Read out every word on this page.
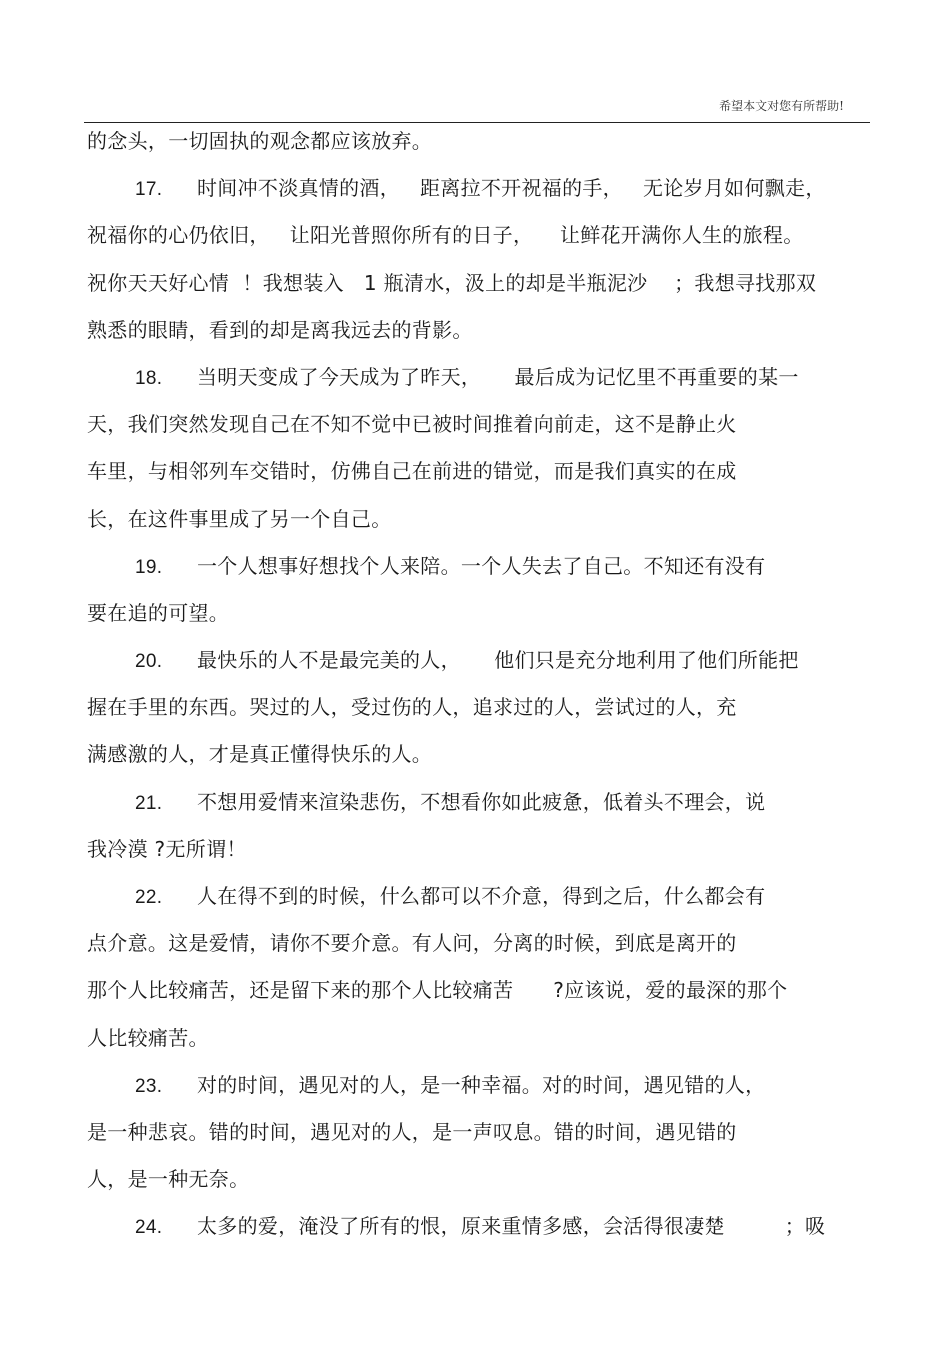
希望本文对您有所帮助!
的念头，一切固执的观念都应该放弃。
17. 时间冲不淡真情的酒，   距离拉不开祝福的手，   无论岁月如何飘走，
祝福你的心仍依旧，   让阳光普照你所有的日子，    让鲜花开满你人生的旅程。
祝你天天好心情  ！我想装入   1 瓶清水，汲上的却是半瓶泥沙    ；我想寻找那双
熟悉的眼睛，看到的却是离我远去的背影。
18. 当明天变成了今天成为了昨天，     最后成为记忆里不再重要的某一
天，我们突然发现自己在不知不觉中已被时间推着向前走，这不是静止火
车里，与相邻列车交错时，仿佛自己在前进的错觉，而是我们真实的在成
长，在这件事里成了另一个自己。
19. 一个人想事好想找个人来陪。一个人失去了自己。不知还有没有
要在追的可望。
20. 最快乐的人不是最完美的人，     他们只是充分地利用了他们所能把
握在手里的东西。哭过的人，受过伤的人，追求过的人，尝试过的人，充
满感激的人，才是真正懂得快乐的人。
21. 不想用爱情来渲染悲伤，不想看你如此疲惫，低着头不理会，说
我冷漠 ?无所谓！
22. 人在得不到的时候，什么都可以不介意，得到之后，什么都会有
点介意。这是爱情，请你不要介意。有人问，分离的时候，到底是离开的
那个人比较痛苦，还是留下来的那个人比较痛苦      ?应该说，爱的最深的那个
人比较痛苦。
23. 对的时间，遇见对的人，是一种幸福。对的时间，遇见错的人，
是一种悲哀。错的时间，遇见对的人，是一声叹息。错的时间，遇见错的
人，是一种无奈。
24. 太多的爱，淹没了所有的恨，原来重情多感，会活得很凄楚         ；吸
